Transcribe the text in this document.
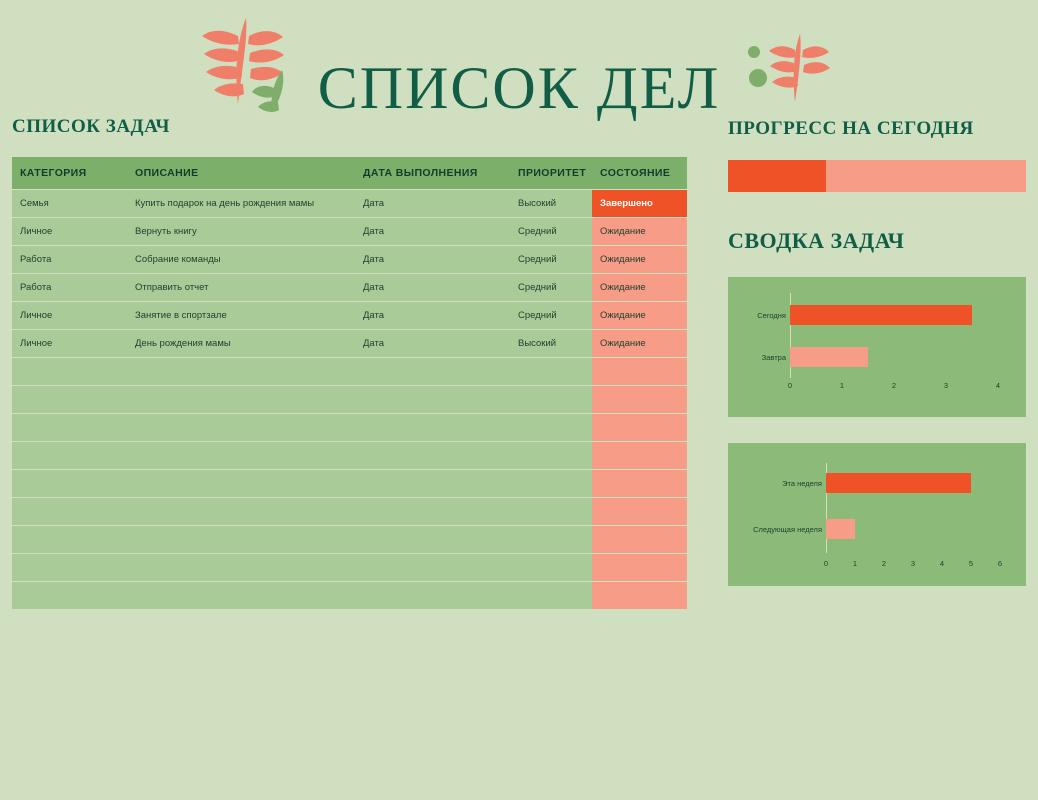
СПИСОК ДЕЛ
СПИСОК ЗАДАЧ
КАТЕГОРИЯ	ОПИСАНИЕ	ДАТА ВЫПОЛНЕНИЯ	ПРИОРИТЕТ	СОСТОЯНИЕ
Семья	Купить подарок на день рождения мамы	Дата	Высокий	Завершено
Личное	Вернуть книгу	Дата	Средний	Ожидание
Работа	Собрание команды	Дата	Средний	Ожидание
Работа	Отправить отчет	Дата	Средний	Ожидание
Личное	Занятие в спортзале	Дата	Средний	Ожидание
Личное	День рождения мамы	Дата	Высокий	Ожидание

ПРОГРЕСС НА СЕГОДНЯ
СВОДКА ЗАДАЧ
Сегодня
Завтра
0	1	2	3	4
Эта неделя
Следующая неделя
0	1	2	3	4	5	6
